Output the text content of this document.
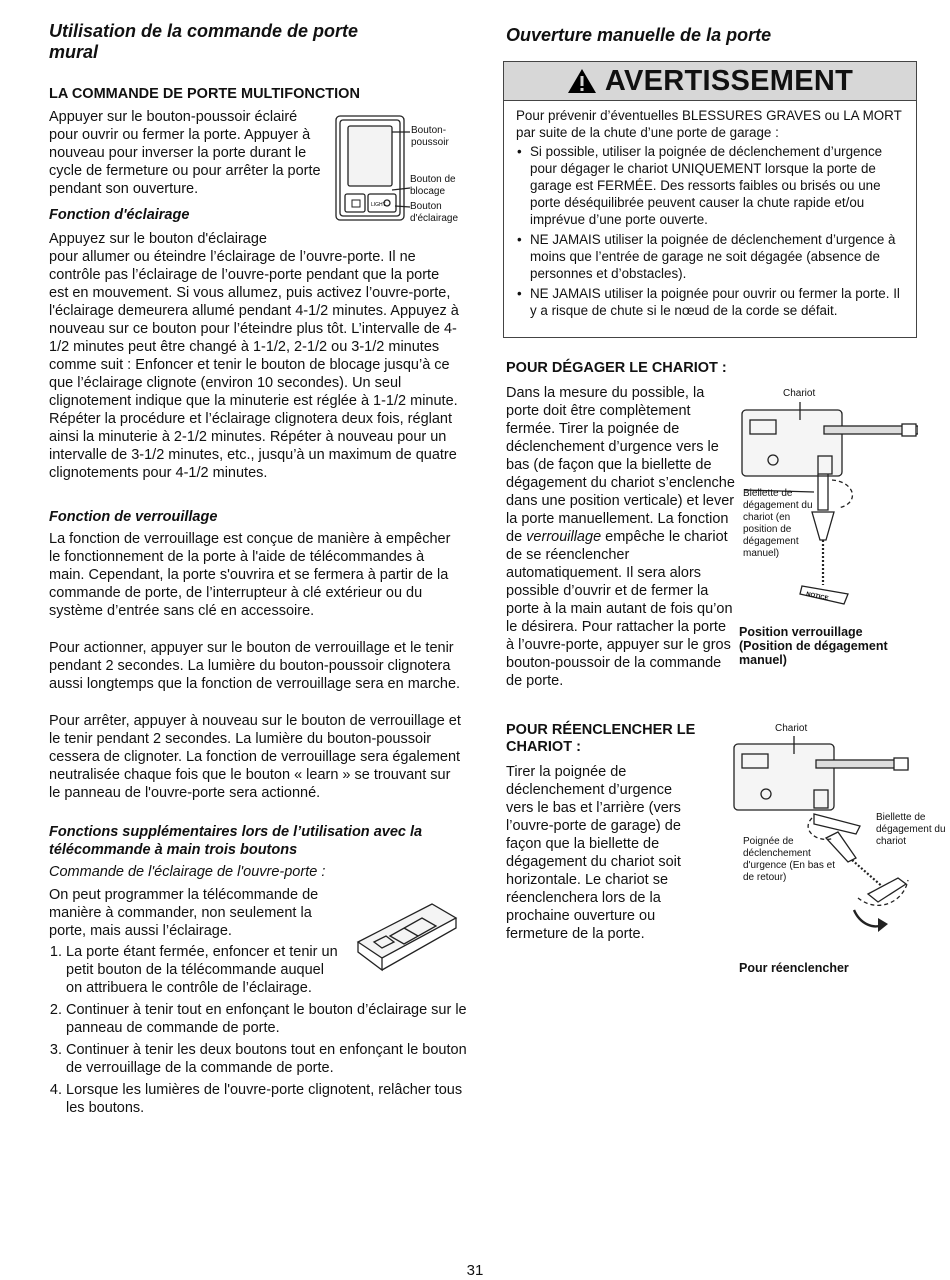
Utilisation de la commande de porte mural
LA COMMANDE DE PORTE MULTIFONCTION

Appuyer sur le bouton-poussoir éclairé pour ouvrir ou fermer la porte. Appuyer à nouveau pour inverser la porte durant le cycle de fermeture ou pour arrêter la porte pendant son ouverture.

LIGHT
Bouton-poussoir
Bouton de blocage
Bouton d'éclairage
Fonction d'éclairage

Appuyez sur le bouton d'éclairage

pour allumer ou éteindre l’éclairage de l’ouvre-porte. Il ne contrôle pas l’éclairage de l’ouvre-porte pendant que la porte est en mouvement. Si vous allumez, puis activez l’ouvre-porte, l'éclairage demeurera allumé pendant 4-1/2 minutes. Appuyez à nouveau sur ce bouton pour l’éteindre plus tôt. L’intervalle de 4-1/2 minutes peut être changé à 1-1/2, 2-1/2 ou 3-1/2 minutes comme suit : Enfoncer et tenir le bouton de blocage jusqu’à ce que l’éclairage clignote (environ 10 secondes). Un seul clignotement indique que la minuterie est réglée à 1-1/2 minute. Répéter la procédure et l’éclairage clignotera deux fois, réglant ainsi la minuterie à 2-1/2 minutes. Répéter à nouveau pour un intervalle de 3-1/2 minutes, etc., jusqu’à un maximum de quatre clignotements pour 4-1/2 minutes.

Fonction de verrouillage

La fonction de verrouillage est conçue de manière à empêcher le fonctionnement de la porte à l'aide de télécommandes à main. Cependant, la porte s'ouvrira et se fermera à partir de la commande de porte, de l’interrupteur à clé extérieur ou du système d’entrée sans clé en accessoire.

Pour actionner, appuyer sur le bouton de verrouillage et le tenir pendant 2 secondes. La lumière du bouton-poussoir clignotera aussi longtemps que la fonction de verrouillage sera en marche.

Pour arrêter, appuyer à nouveau sur le bouton de verrouillage et le tenir pendant 2 secondes. La lumière du bouton-poussoir cessera de clignoter. La fonction de verrouillage sera également neutralisée chaque fois que le bouton « learn » se trouvant sur le panneau de l'ouvre-porte sera actionné.

Fonctions supplémentaires lors de l’utilisation avec la télécommande à main trois boutons
Commande de l'éclairage de l'ouvre-porte :

On peut programmer la télécommande de manière à commander, non seulement la porte, mais aussi l’éclairage.

1. La porte étant fermée, enfoncer et tenir un petit bouton de la télécommande auquel on attribuera le contrôle de l’éclairage.
2. Continuer à tenir tout en enfonçant le bouton d’éclairage sur le panneau de commande de porte.
3. Continuer à tenir les deux boutons tout en enfonçant le bouton de verrouillage de la commande de porte.
4. Lorsque les lumières de l'ouvre-porte clignotent, relâcher tous les boutons.
Ouverture manuelle de la porte
AVERTISSEMENT
Pour prévenir d’éventuelles BLESSURES GRAVES ou LA MORT par suite de la chute d’une porte de garage :
• Si possible, utiliser la poignée de déclenchement d’urgence pour dégager le chariot UNIQUEMENT lorsque la porte de garage est FERMÉE. Des ressorts faibles ou brisés ou une porte déséquilibrée peuvent causer la chute rapide et/ou imprévue d’une porte ouverte.
• NE JAMAIS utiliser la poignée de déclenchement d’urgence à moins que l’entrée de garage ne soit dégagée (absence de personnes et d’obstacles).
• NE JAMAIS utiliser la poignée pour ouvrir ou fermer la porte. Il y a risque de chute si le nœud de la corde se défait.
POUR DÉGAGER LE CHARIOT :

Dans la mesure du possible, la porte doit être complètement fermée. Tirer la poignée de déclenchement d’urgence vers le bas (de façon que la biellette de dégagement du chariot s’enclenche dans une position verticale) et lever la porte manuellement. La fonction de verrouillage empêche le chariot de se réenclencher automatiquement. Il sera alors possible d’ouvrir et de fermer la porte à la main autant de fois qu’on le désirera. Pour rattacher la porte à l’ouvre-porte, appuyer sur le gros bouton-poussoir de la commande de porte.

NOTICE
Chariot
Biellette de dégagement du chariot (en position de dégagement manuel)
Position verrouillage (Position de dégagement manuel)
POUR RÉENCLENCHER LE CHARIOT :

Tirer la poignée de déclenchement d’urgence vers le bas et l’arrière (vers l’ouvre-porte de garage) de façon que la biellette de dégagement du chariot soit horizontale. Le chariot se réenclenchera lors de la prochaine ouverture ou fermeture de la porte.

Chariot
Biellette de dégagement du chariot
Poignée de déclenchement d'urgence (En bas et de retour)
Pour réenclencher
31
